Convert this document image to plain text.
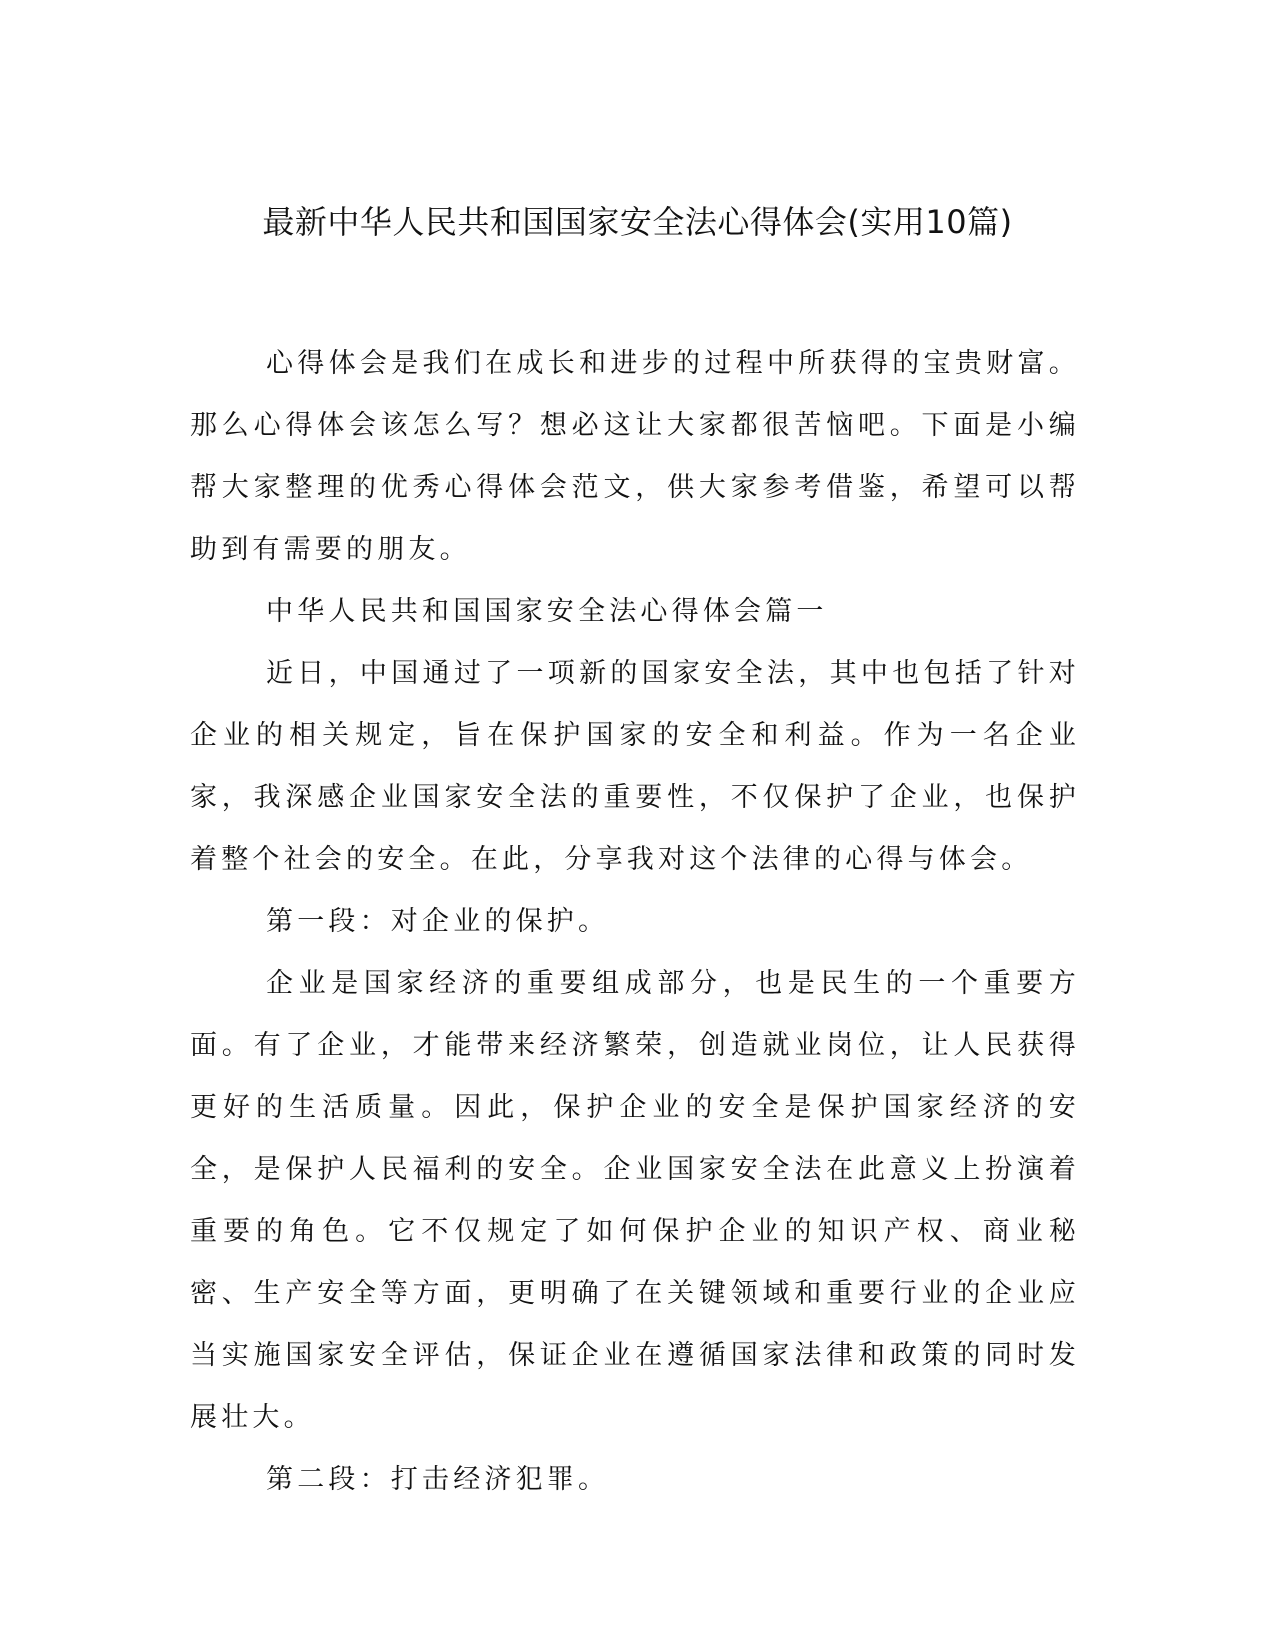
最新中华人民共和国国家安全法心得体会(实用10篇)

心得体会是我们在成长和进步的过程中所获得的宝贵财富。那么心得体会该怎么写？想必这让大家都很苦恼吧。下面是小编帮大家整理的优秀心得体会范文，供大家参考借鉴，希望可以帮助到有需要的朋友。

中华人民共和国国家安全法心得体会篇一

近日，中国通过了一项新的国家安全法，其中也包括了针对企业的相关规定，旨在保护国家的安全和利益。作为一名企业家，我深感企业国家安全法的重要性，不仅保护了企业，也保护着整个社会的安全。在此，分享我对这个法律的心得与体会。

第一段：对企业的保护。

企业是国家经济的重要组成部分，也是民生的一个重要方面。有了企业，才能带来经济繁荣，创造就业岗位，让人民获得更好的生活质量。因此，保护企业的安全是保护国家经济的安全，是保护人民福利的安全。企业国家安全法在此意义上扮演着重要的角色。它不仅规定了如何保护企业的知识产权、商业秘密、生产安全等方面，更明确了在关键领域和重要行业的企业应当实施国家安全评估，保证企业在遵循国家法律和政策的同时发展壮大。

第二段：打击经济犯罪。
